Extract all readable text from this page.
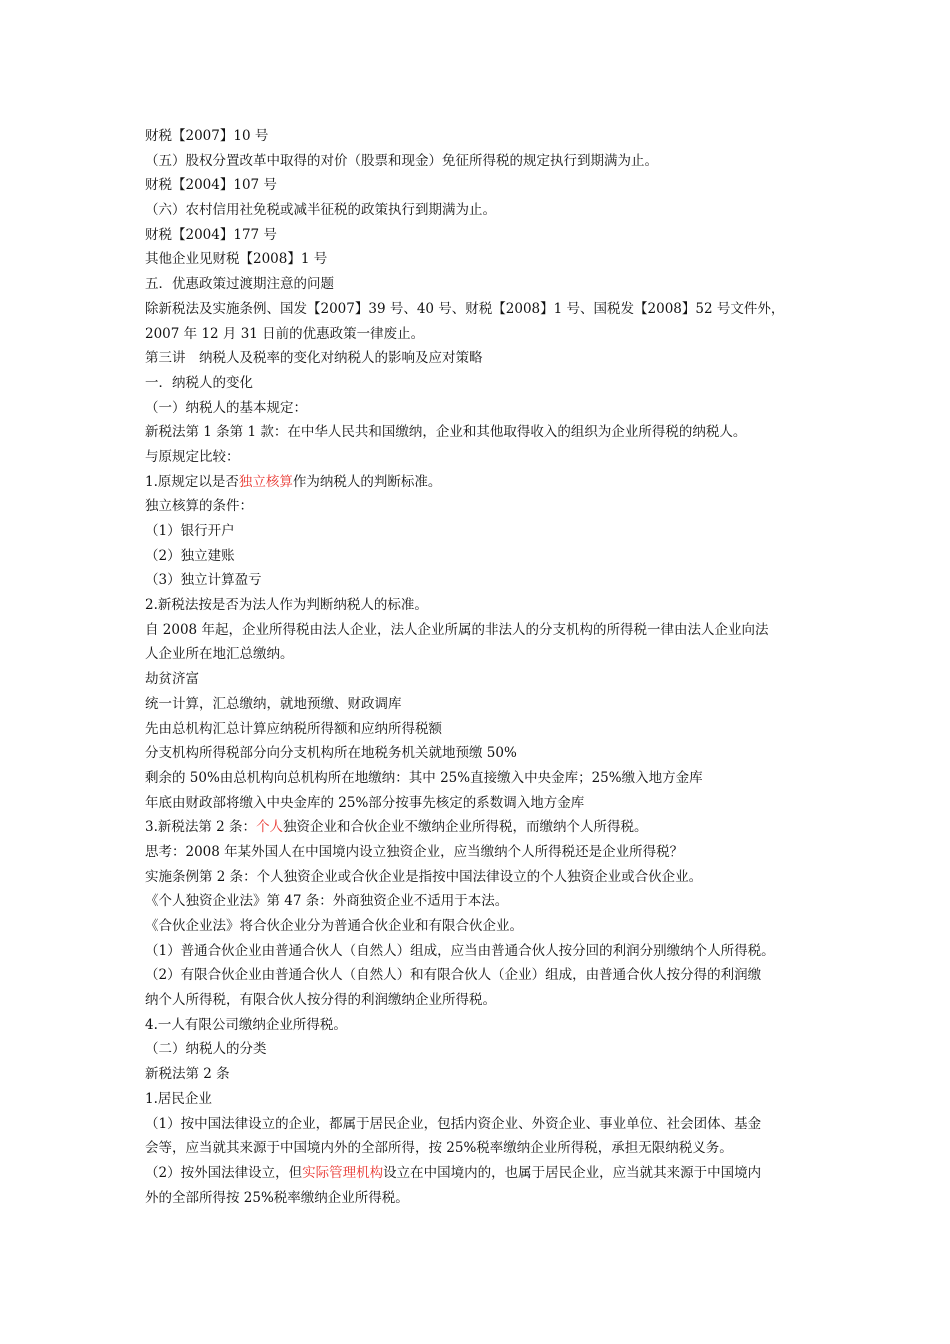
财税【2007】10 号
（五）股权分置改革中取得的对价（股票和现金）免征所得税的规定执行到期满为止。
财税【2004】107 号
（六）农村信用社免税或减半征税的政策执行到期满为止。
财税【2004】177 号
其他企业见财税【2008】1 号
五．优惠政策过渡期注意的问题
除新税法及实施条例、国发【2007】39 号、40 号、财税【2008】1 号、国税发【2008】52 号文件外，
2007 年 12 月 31 日前的优惠政策一律废止。
第三讲　纳税人及税率的变化对纳税人的影响及应对策略
一．纳税人的变化
（一）纳税人的基本规定：
新税法第 1 条第 1 款：在中华人民共和国缴纳，企业和其他取得收入的组织为企业所得税的纳税人。
与原规定比较：
1.原规定以是否独立核算作为纳税人的判断标准。
独立核算的条件：
（1）银行开户
（2）独立建账
（3）独立计算盈亏
2.新税法按是否为法人作为判断纳税人的标准。
自 2008 年起，企业所得税由法人企业，法人企业所属的非法人的分支机构的所得税一律由法人企业向法
人企业所在地汇总缴纳。
劫贫济富
统一计算，汇总缴纳，就地预缴、财政调库
先由总机构汇总计算应纳税所得额和应纳所得税额
分支机构所得税部分向分支机构所在地税务机关就地预缴 50%
剩余的 50%由总机构向总机构所在地缴纳：其中 25%直接缴入中央金库；25%缴入地方金库
年底由财政部将缴入中央金库的 25%部分按事先核定的系数调入地方金库
3.新税法第 2 条：个人独资企业和合伙企业不缴纳企业所得税，而缴纳个人所得税。
思考：2008 年某外国人在中国境内设立独资企业，应当缴纳个人所得税还是企业所得税？
实施条例第 2 条：个人独资企业或合伙企业是指按中国法律设立的个人独资企业或合伙企业。
《个人独资企业法》第 47 条：外商独资企业不适用于本法。
《合伙企业法》将合伙企业分为普通合伙企业和有限合伙企业。
（1）普通合伙企业由普通合伙人（自然人）组成，应当由普通合伙人按分回的利润分别缴纳个人所得税。
（2）有限合伙企业由普通合伙人（自然人）和有限合伙人（企业）组成，由普通合伙人按分得的利润缴
纳个人所得税，有限合伙人按分得的利润缴纳企业所得税。
4.一人有限公司缴纳企业所得税。
（二）纳税人的分类
新税法第 2 条
1.居民企业
（1）按中国法律设立的企业，都属于居民企业，包括内资企业、外资企业、事业单位、社会团体、基金
会等，应当就其来源于中国境内外的全部所得，按 25%税率缴纳企业所得税，承担无限纳税义务。
（2）按外国法律设立，但实际管理机构设立在中国境内的，也属于居民企业，应当就其来源于中国境内
外的全部所得按 25%税率缴纳企业所得税。
